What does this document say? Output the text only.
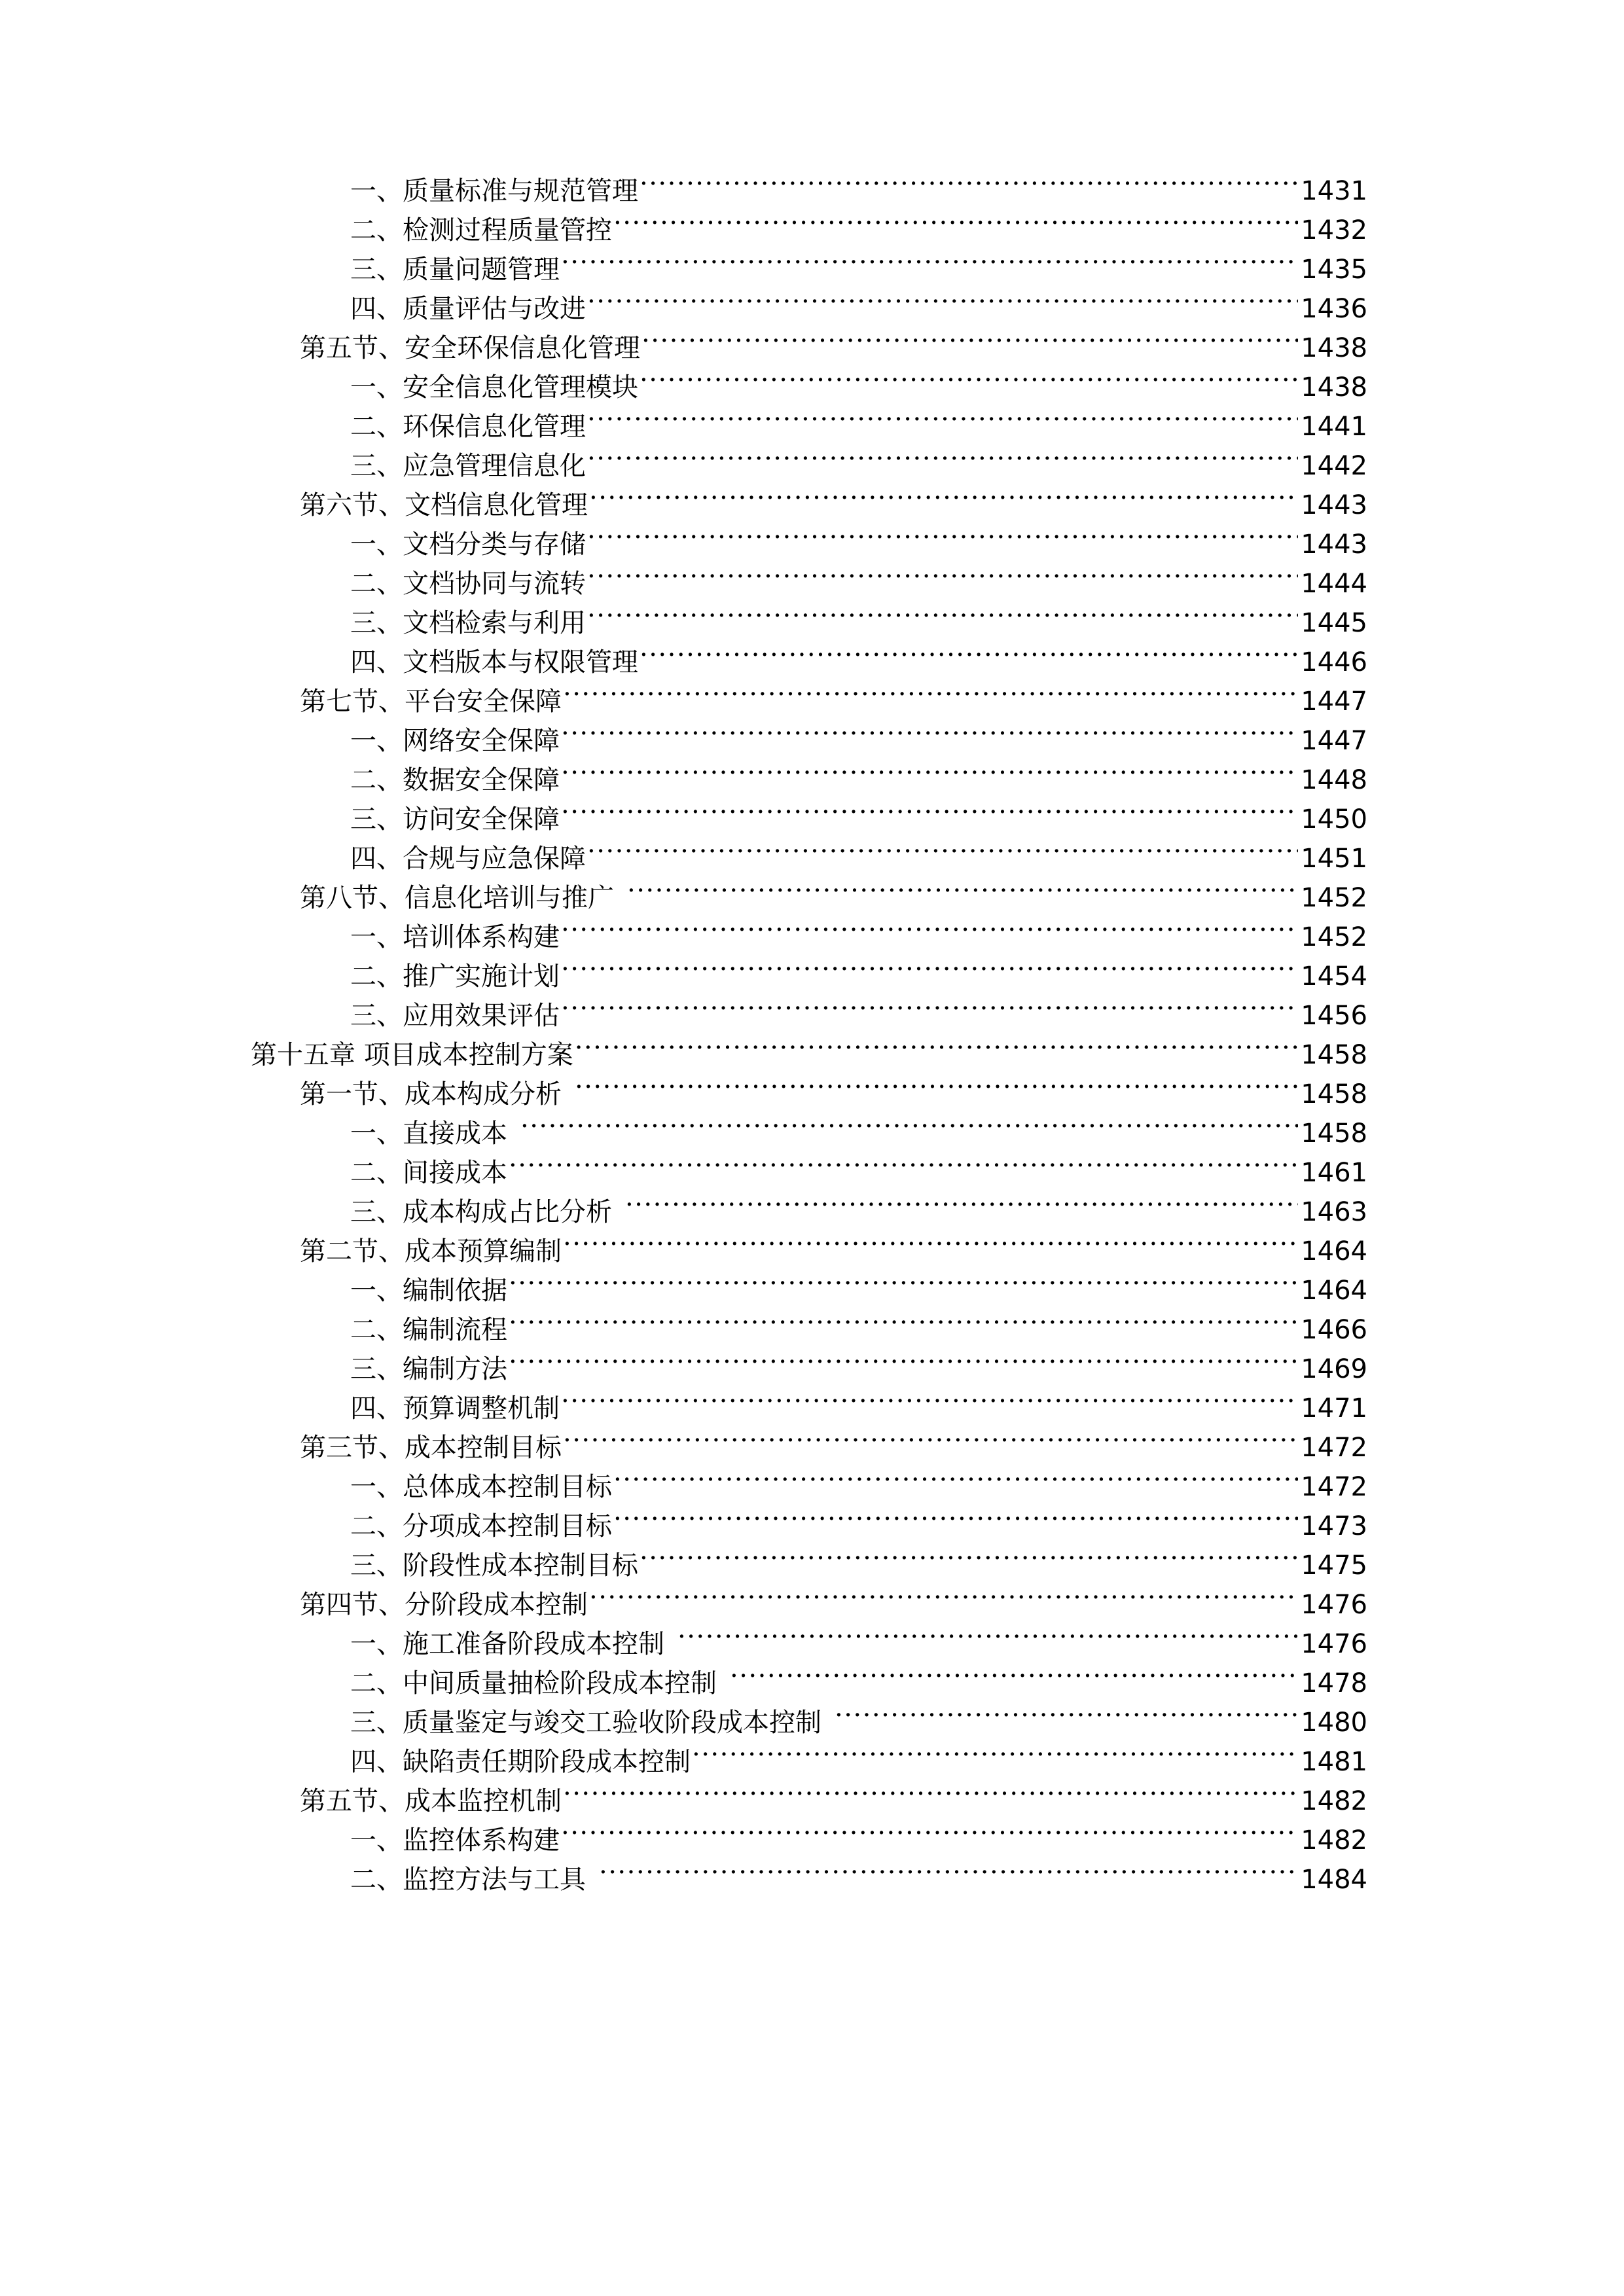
一、质量标准与规范管理 .....	1431
二、检测过程质量管控 .....	1432
三、质量问题管理 .....	1435
四、质量评估与改进 .....	1436
第五节、安全环保信息化管理 .....	1438
一、安全信息化管理模块 .....	1438
二、环保信息化管理 .....	1441
三、应急管理信息化 .....	1442
第六节、文档信息化管理 .....	1443
一、文档分类与存储 .....	1443
二、文档协同与流转 .....	1444
三、文档检索与利用 .....	1445
四、文档版本与权限管理 .....	1446
第七节、平台安全保障 .....	1447
一、网络安全保障 .....	1447
二、数据安全保障 .....	1448
三、访问安全保障 .....	1450
四、合规与应急保障 .....	1451
第八节、信息化培训与推广 .....	1452
一、培训体系构建 .....	1452
二、推广实施计划 .....	1454
三、应用效果评估 .....	1456
第十五章 项目成本控制方案 .....	1458
第一节、成本构成分析 .....	1458
一、直接成本 .....	1458
二、间接成本 .....	1461
三、成本构成占比分析 .....	1463
第二节、成本预算编制 .....	1464
一、编制依据 .....	1464
二、编制流程 .....	1466
三、编制方法 .....	1469
四、预算调整机制 .....	1471
第三节、成本控制目标 .....	1472
一、总体成本控制目标 .....	1472
二、分项成本控制目标 .....	1473
三、阶段性成本控制目标 .....	1475
第四节、分阶段成本控制 .....	1476
一、施工准备阶段成本控制 .....	1476
二、中间质量抽检阶段成本控制 .....	1478
三、质量鉴定与竣交工验收阶段成本控制 .....	1480
四、缺陷责任期阶段成本控制 .....	1481
第五节、成本监控机制 .....	1482
一、监控体系构建 .....	1482
二、监控方法与工具 .....	1484
